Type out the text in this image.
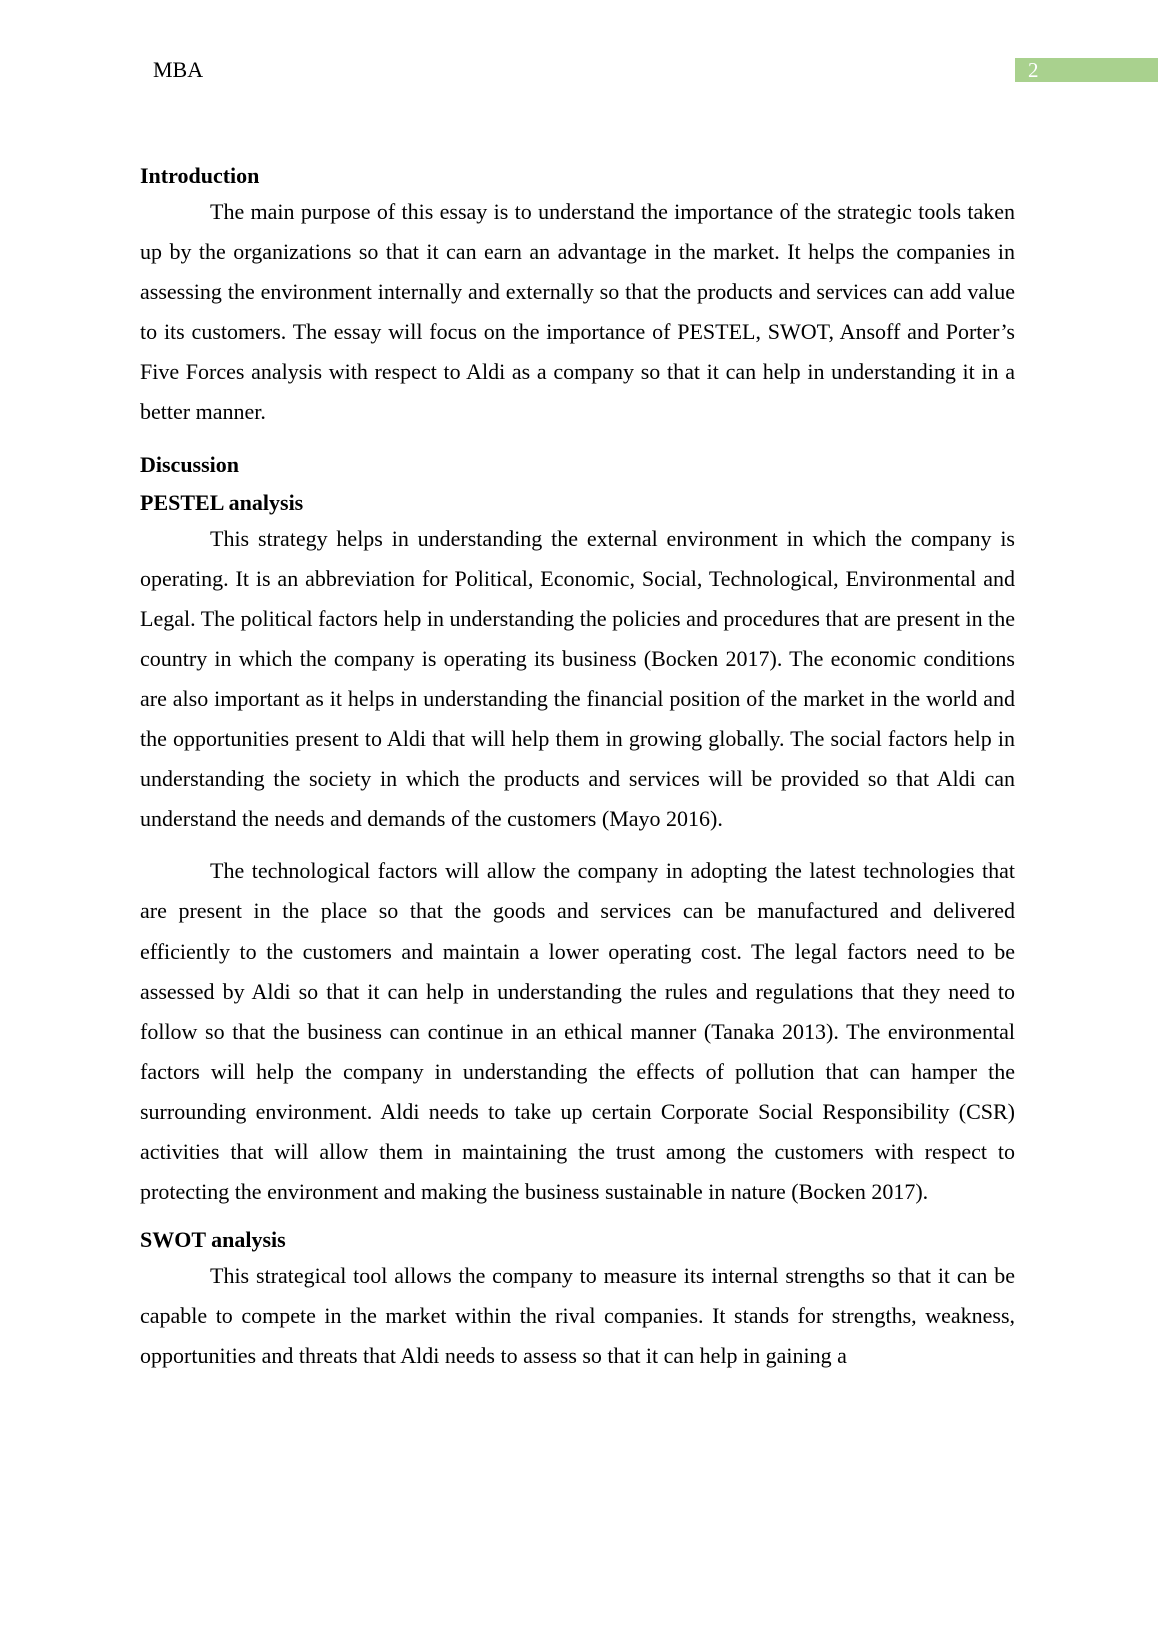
MBA	2
Introduction

The main purpose of this essay is to understand the importance of the strategic tools taken up by the organizations so that it can earn an advantage in the market. It helps the companies in assessing the environment internally and externally so that the products and services can add value to its customers. The essay will focus on the importance of PESTEL, SWOT, Ansoff and Porter’s Five Forces analysis with respect to Aldi as a company so that it can help in understanding it in a better manner.

Discussion
PESTEL analysis

This strategy helps in understanding the external environment in which the company is operating. It is an abbreviation for Political, Economic, Social, Technological, Environmental and Legal. The political factors help in understanding the policies and procedures that are present in the country in which the company is operating its business (Bocken 2017). The economic conditions are also important as it helps in understanding the financial position of the market in the world and the opportunities present to Aldi that will help them in growing globally. The social factors help in understanding the society in which the products and services will be provided so that Aldi can understand the needs and demands of the customers (Mayo 2016).

The technological factors will allow the company in adopting the latest technologies that are present in the place so that the goods and services can be manufactured and delivered efficiently to the customers and maintain a lower operating cost. The legal factors need to be assessed by Aldi so that it can help in understanding the rules and regulations that they need to follow so that the business can continue in an ethical manner (Tanaka 2013). The environmental factors will help the company in understanding the effects of pollution that can hamper the surrounding environment. Aldi needs to take up certain Corporate Social Responsibility (CSR) activities that will allow them in maintaining the trust among the customers with respect to protecting the environment and making the business sustainable in nature (Bocken 2017).

SWOT analysis

This strategical tool allows the company to measure its internal strengths so that it can be capable to compete in the market within the rival companies. It stands for strengths, weakness, opportunities and threats that Aldi needs to assess so that it can help in gaining a
